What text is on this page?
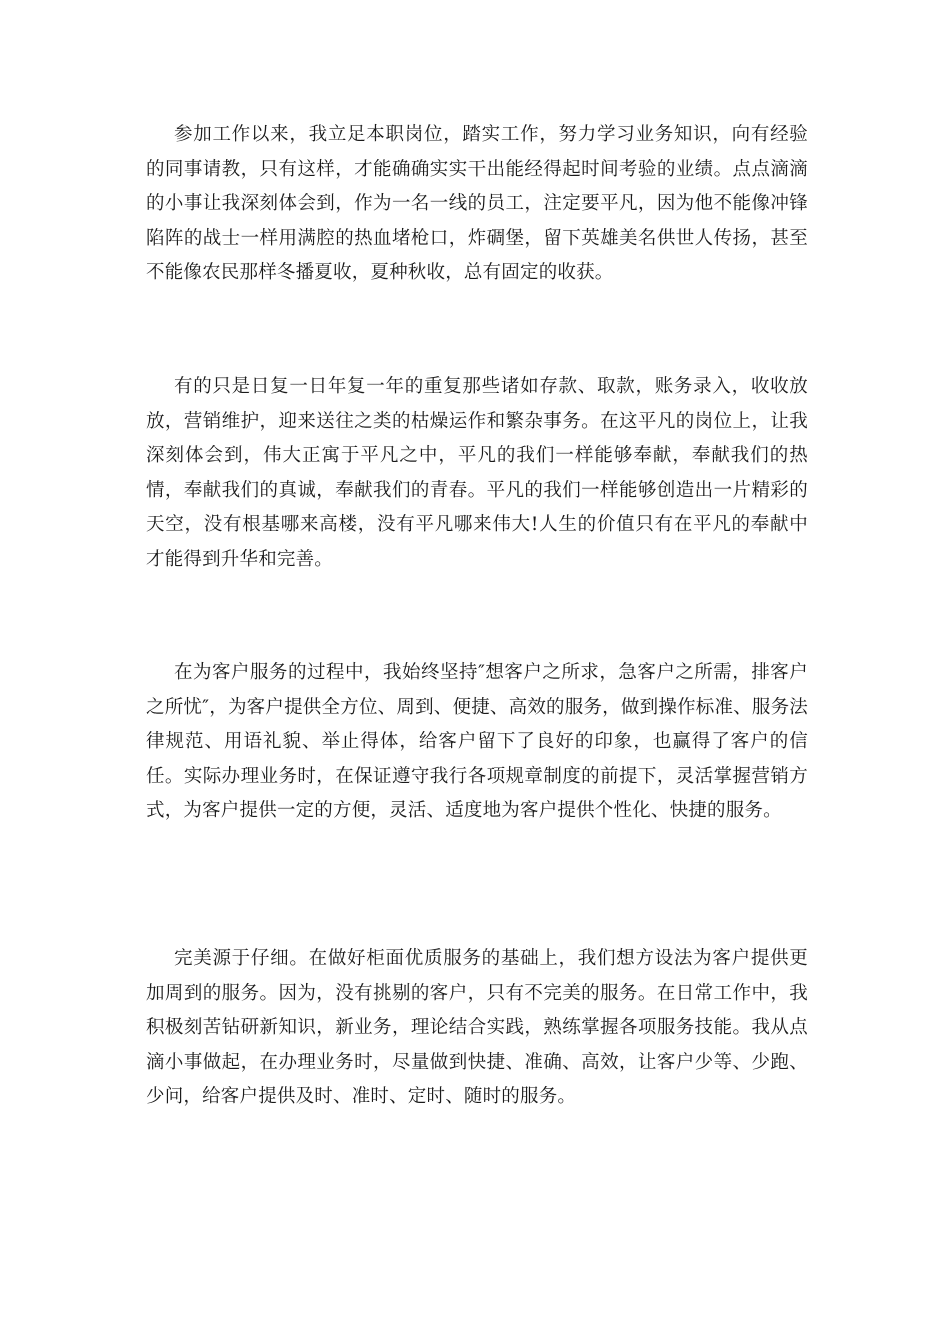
参加工作以来，我立足本职岗位，踏实工作，努力学习业务知识，向有经验的同事请教，只有这样，才能确确实实干出能经得起时间考验的业绩。点点滴滴的小事让我深刻体会到，作为一名一线的员工，注定要平凡，因为他不能像冲锋陷阵的战士一样用满腔的热血堵枪口，炸碉堡，留下英雄美名供世人传扬，甚至不能像农民那样冬播夏收，夏种秋收，总有固定的收获。

有的只是日复一日年复一年的重复那些诸如存款、取款，账务录入，收收放放，营销维护，迎来送往之类的枯燥运作和繁杂事务。在这平凡的岗位上，让我深刻体会到，伟大正寓于平凡之中，平凡的我们一样能够奉献，奉献我们的热情，奉献我们的真诚，奉献我们的青春。平凡的我们一样能够创造出一片精彩的天空，没有根基哪来高楼，没有平凡哪来伟大!人生的价值只有在平凡的奉献中才能得到升华和完善。

在为客户服务的过程中，我始终坚持″想客户之所求，急客户之所需，排客户之所忧″，为客户提供全方位、周到、便捷、高效的服务，做到操作标准、服务法律规范、用语礼貌、举止得体，给客户留下了良好的印象，也赢得了客户的信任。实际办理业务时，在保证遵守我行各项规章制度的前提下，灵活掌握营销方式，为客户提供一定的方便，灵活、适度地为客户提供个性化、快捷的服务。

完美源于仔细。在做好柜面优质服务的基础上，我们想方设法为客户提供更加周到的服务。因为，没有挑剔的客户，只有不完美的服务。在日常工作中，我积极刻苦钻研新知识，新业务，理论结合实践，熟练掌握各项服务技能。我从点滴小事做起，在办理业务时，尽量做到快捷、准确、高效，让客户少等、少跑、少问，给客户提供及时、准时、定时、随时的服务。
